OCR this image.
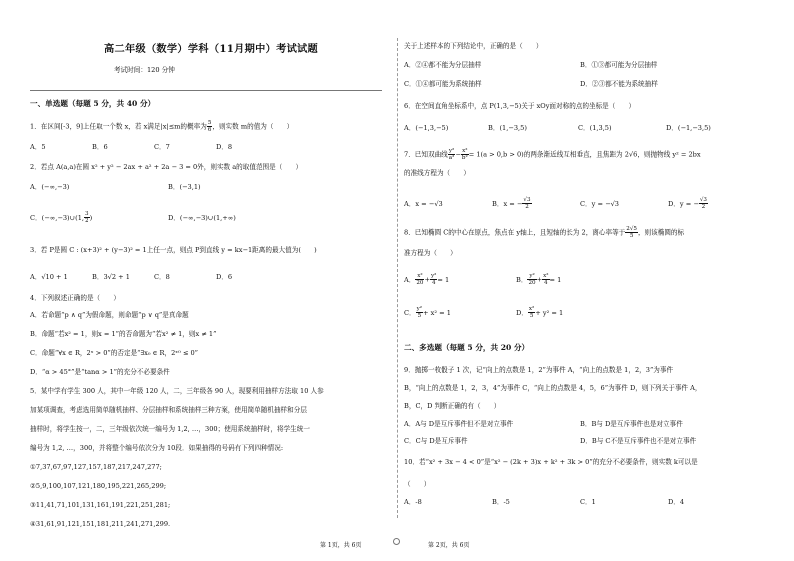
高二年级（数学）学科（11月期中）考试试题
考试时间：120 分钟
一、单选题（每题 5 分，共 40 分）
1．在区间[-3，9]上任取一个数 x，若 x满足|x|≤m的概率为 $\frac{5}{6}$ ，则实数 m的值为（　　）
A．5	B．6	C．7	D．8
2．若点 A(a,a)在圆 x² + y² − 2ax + a² + 2a − 3 = 0外，则实数 a的取值范围是（　　）
A．(−∞,−3)	B．(−3,1)
C．(−∞,−3)∪(1, $\frac{3}{2}$ )	D．(−∞,−3)∪(1,+∞)
3．若 P是圆 C : (x+3)² + (y−3)² = 1上任一点，则点 P到直线 y = kx−1距离的最大值为(　　)
A．√10 + 1	B．3√2 + 1	C．8	D．6
4．下列叙述正确的是（　　）
A．若命题“p ∧ q”为假命题，则命题“p ∨ q”是真命题
B．命题“若x² = 1，则x = 1”的否命题为“若x² ≠ 1，则x ≠ 1”
C．命题“∀x ∈ R，2ˣ > 0”的否定是“∃x₀ ∈ R，2ˣ⁰ ≤ 0”
D．“α > 45°”是“tanα > 1”的充分不必要条件
5．某中学有学生 300 人，其中一年级 120 人，二，三年级各 90 人，现要利用抽样方法取 10 人参
加某项调查，考虑选用简单随机抽样、分层抽样和系统抽样三种方案，使用简单随机抽样和分层
抽样时，将学生按一，二，三年级依次统一编号为 1,2, …，300；使用系统抽样时，将学生统一
编号为 1,2, …，300，并将整个编号依次分为 10段．如果抽得的号码有下列四种情况:
①7,37,67,97,127,157,187,217,247,277;
②5,9,100,107,121,180,195,221,265,299;
③11,41,71,101,131,161,191,221,251,281;
④31,61,91,121,151,181,211,241,271,299.
关于上述样本的下列结论中，正确的是（　　）
A．②④都不能为分层抽样	B．①③都可能为分层抽样
C．①④都可能为系统抽样	D．②③都不能为系统抽样
6．在空间直角坐标系中，点 P(1,3,−5)关于 xOy面对称的点的坐标是（　　）
A．(−1,3,−5)	B．(1,−3,5)	C．(1,3,5)	D．(−1,−3,5)
7．已知双曲线 $\frac{\text{y²}}{\text{a²}} - \frac{\text{x²}}{\text{b²}} = 1(a > 0,b > 0)$的两条渐近线互相垂直，且焦距为 2√6，则抛物线 y² = 2bx
的准线方程为（　　）
A．x = −√3	B．x = − $\frac{√3}{2}$	C．y = −√3	D．y = − $\frac{√3}{2}$
8．已知椭圆 C的中心在原点，焦点在 y轴上，且短轴的长为 2，离心率等于 $\frac{2√5}{5}$ ，则该椭圆的标
准方程为（　　）
A． $\frac{\text{x²}}{20} + \frac{\text{y²}}{4} = 1$	B． $\frac{\text{y²}}{20} + \frac{\text{x²}}{4} = 1$
C． $\frac{\text{y²}}{5} + x^2 = 1$	D． $\frac{\text{x²}}{5} + y^2 = 1$
二、多选题（每题 5 分，共 20 分）
9．抛掷一枚骰子 1 次，记“向上的点数是 1，2”为事件 A，“向上的点数是 1，2，3”为事件
B，“向上的点数是 1，2，3，4”为事件 C，“向上的点数是 4，5，6”为事件 D，则下列关于事件 A，
B，C，D 判断正确的有（　　）
A．A与 D是互斥事件但不是对立事件	B．B与 D是互斥事件也是对立事件
C．C与 D是互斥事件	D．B与 C不是互斥事件也不是对立事件
10．若“x² + 3x − 4 < 0”是“x² − (2k + 3)x + k² + 3k > 0”的充分不必要条件，则实数 k可以是
（　　）
A．-8	B．-5	C．1	D．4
第 1页，共 6页	第 2页，共 6页
